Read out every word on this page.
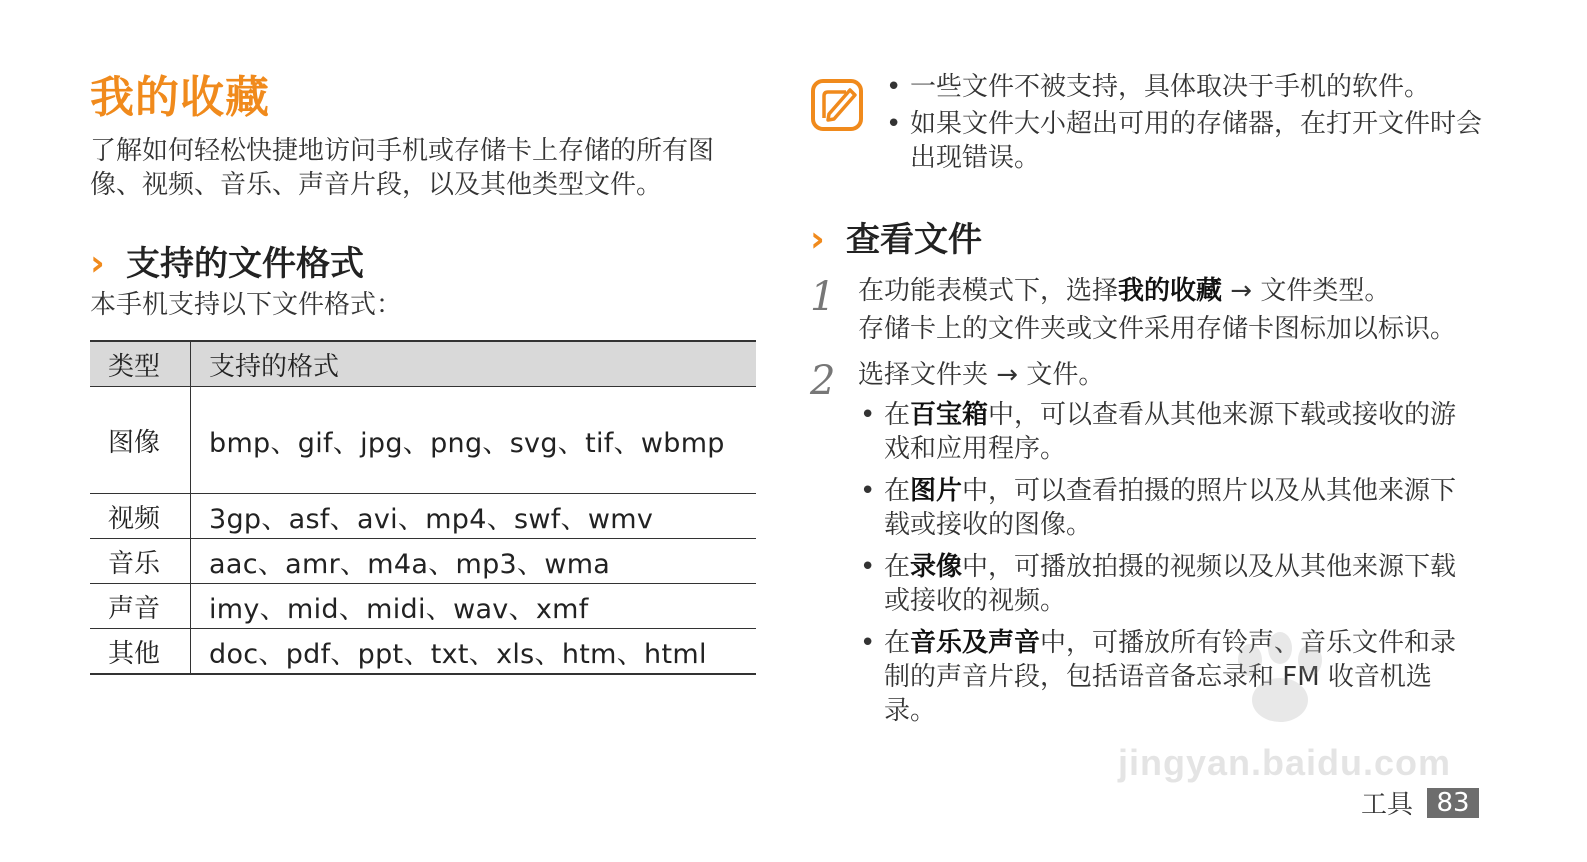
我的收藏

了解如何轻松快捷地访问手机或存储卡上存储的所有图像、视频、音乐、声音片段，以及其他类型文件。

› 支持的文件格式

本手机支持以下文件格式：

类型	支持的格式
图像	bmp、gif、jpg、png、svg、tif、wbmp
视频	3gp、asf、avi、mp4、swf、wmv
音乐	aac、amr、m4a、mp3、wma
声音	imy、mid、midi、wav、xmf
其他	doc、pdf、ppt、txt、xls、htm、html
• 一些文件不被支持，具体取决于手机的软件。
• 如果文件大小超出可用的存储器，在打开文件时会出现错误。
› 查看文件
1 在功能表模式下，选择我的收藏 → 文件类型。

存储卡上的文件夹或文件采用存储卡图标加以标识。

2 选择文件夹 → 文件。
• 在百宝箱中，可以查看从其他来源下载或接收的游戏和应用程序。
• 在图片中，可以查看拍摄的照片以及从其他来源下载或接收的图像。
• 在录像中，可播放拍摄的视频以及从其他来源下载或接收的视频。
• 在音乐及声音中，可播放所有铃声、音乐文件和录制的声音片段，包括语音备忘录和 FM 收音机选录。
jingyan.baidu.com
工具 83
